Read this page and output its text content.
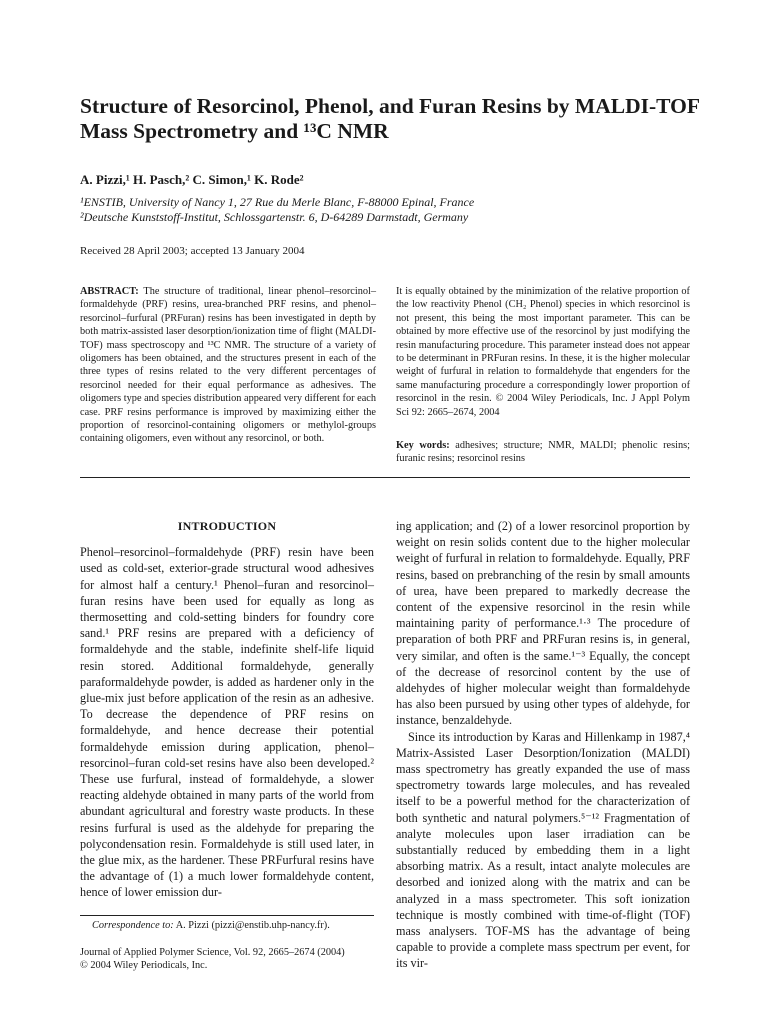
Structure of Resorcinol, Phenol, and Furan Resins by MALDI-TOF Mass Spectrometry and ¹³C NMR
A. Pizzi,¹ H. Pasch,² C. Simon,¹ K. Rode²
¹ENSTIB, University of Nancy 1, 27 Rue du Merle Blanc, F-88000 Epinal, France
²Deutsche Kunststoff-Institut, Schlossgartenstr. 6, D-64289 Darmstadt, Germany
Received 28 April 2003; accepted 13 January 2004
ABSTRACT: The structure of traditional, linear phenol–resorcinol–formaldehyde (PRF) resins, urea-branched PRF resins, and phenol–resorcinol–furfural (PRFuran) resins has been investigated in depth by both matrix-assisted laser desorption/ionization time of flight (MALDI-TOF) mass spectroscopy and ¹³C NMR. The structure of a variety of oligomers has been obtained, and the structures present in each of the three types of resins related to the very different percentages of resorcinol needed for their equal performance as adhesives. The oligomers type and species distribution appeared very different for each case. PRF resins performance is improved by maximizing either the proportion of resorcinol-containing oligomers or methylol-groups containing oligomers, even without any resorcinol, or both.
It is equally obtained by the minimization of the relative proportion of the low reactivity Phenol (CH₂ Phenol) species in which resorcinol is not present, this being the most important parameter. This can be obtained by more effective use of the resorcinol by just modifying the resin manufacturing procedure. This parameter instead does not appear to be determinant in PRFuran resins. In these, it is the higher molecular weight of furfural in relation to formaldehyde that engenders for the same manufacturing procedure a correspondingly lower proportion of resorcinol in the resin. © 2004 Wiley Periodicals, Inc. J Appl Polym Sci 92: 2665–2674, 2004
Key words: adhesives; structure; NMR, MALDI; phenolic resins; furanic resins; resorcinol resins
INTRODUCTION

Phenol–resorcinol–formaldehyde (PRF) resin have been used as cold-set, exterior-grade structural wood adhesives for almost half a century.¹ Phenol–furan and resorcinol–furan resins have been used for equally as long as thermosetting and cold-setting binders for foundry core sand.¹ PRF resins are prepared with a deficiency of formaldehyde and the stable, indefinite shelf-life liquid resin stored. Additional formaldehyde, generally paraformaldehyde powder, is added as hardener only in the glue-mix just before application of the resin as an adhesive. To decrease the dependence of PRF resins on formaldehyde, and hence decrease their potential formaldehyde emission during application, phenol–resorcinol–furan cold-set resins have also been developed.² These use furfural, instead of formaldehyde, a slower reacting aldehyde obtained in many parts of the world from abundant agricultural and forestry waste products. In these resins furfural is used as the aldehyde for preparing the polycondensation resin. Formaldehyde is still used later, in the glue mix, as the hardener. These PRFurfural resins have the advantage of (1) a much lower formaldehyde content, hence of lower emission dur-

ing application; and (2) of a lower resorcinol proportion by weight on resin solids content due to the higher molecular weight of furfural in relation to formaldehyde. Equally, PRF resins, based on prebranching of the resin by small amounts of urea, have been prepared to markedly decrease the content of the expensive resorcinol in the resin while maintaining parity of performance.¹·³ The procedure of preparation of both PRF and PRFuran resins is, in general, very similar, and often is the same.¹⁻³ Equally, the concept of the decrease of resorcinol content by the use of aldehydes of higher molecular weight than formaldehyde has also been pursued by using other types of aldehyde, for instance, benzaldehyde.

Since its introduction by Karas and Hillenkamp in 1987,⁴ Matrix-Assisted Laser Desorption/Ionization (MALDI) mass spectrometry has greatly expanded the use of mass spectrometry towards large molecules, and has revealed itself to be a powerful method for the characterization of both synthetic and natural polymers.⁵⁻¹² Fragmentation of analyte molecules upon laser irradiation can be substantially reduced by embedding them in a light absorbing matrix. As a result, intact analyte molecules are desorbed and ionized along with the matrix and can be analyzed in a mass spectrometer. This soft ionization technique is mostly combined with time-of-flight (TOF) mass analysers. TOF-MS has the advantage of being capable to provide a complete mass spectrum per event, for its vir-

Correspondence to: A. Pizzi (pizzi@enstib.uhp-nancy.fr).
Journal of Applied Polymer Science, Vol. 92, 2665–2674 (2004)
© 2004 Wiley Periodicals, Inc.
